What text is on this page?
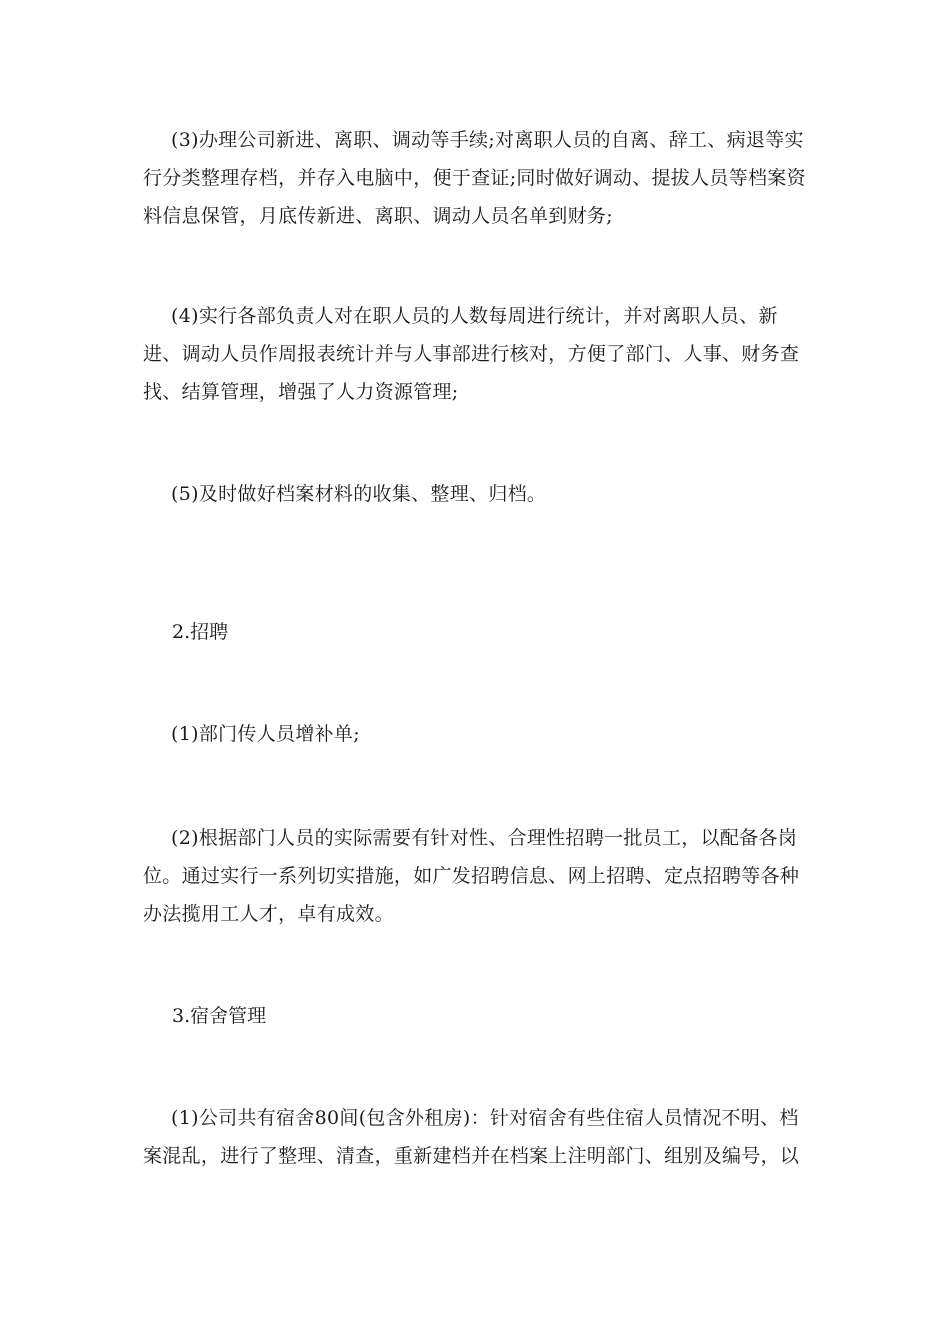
(3)办理公司新进、离职、调动等手续;对离职人员的自离、辞工、病退等实行分类整理存档，并存入电脑中，便于查证;同时做好调动、提拔人员等档案资料信息保管，月底传新进、离职、调动人员名单到财务;

(4)实行各部负责人对在职人员的人数每周进行统计，并对离职人员、新进、调动人员作周报表统计并与人事部进行核对，方便了部门、人事、财务查找、结算管理，增强了人力资源管理;

(5)及时做好档案材料的收集、整理、归档。

2.招聘

(1)部门传人员增补单;

(2)根据部门人员的实际需要有针对性、合理性招聘一批员工，以配备各岗位。通过实行一系列切实措施，如广发招聘信息、网上招聘、定点招聘等各种办法揽用工人才，卓有成效。

3.宿舍管理

(1)公司共有宿舍80间(包含外租房)：针对宿舍有些住宿人员情况不明、档案混乱，进行了整理、清查，重新建档并在档案上注明部门、组别及编号，以
